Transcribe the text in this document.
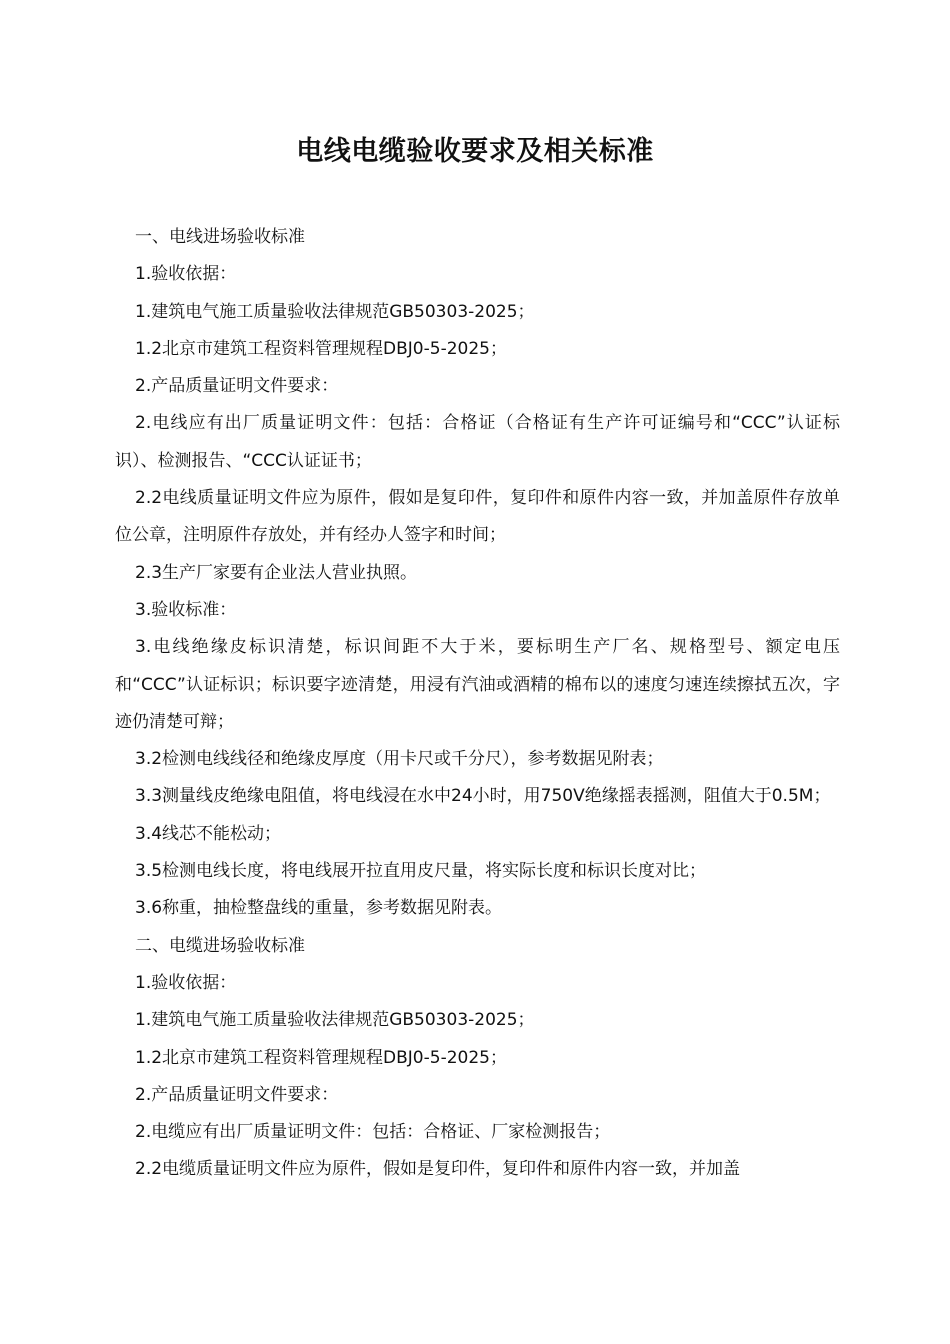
电线电缆验收要求及相关标准

一、电线进场验收标准

1.验收依据：

1.建筑电气施工质量验收法律规范GB50303-2025；

1.2北京市建筑工程资料管理规程DBJ0-5-2025；

2.产品质量证明文件要求：

2.电线应有出厂质量证明文件：包括：合格证（合格证有生产许可证编号和“CCC”认证标识）、检测报告、“CCC认证证书；

2.2电线质量证明文件应为原件，假如是复印件，复印件和原件内容一致，并加盖原件存放单位公章，注明原件存放处，并有经办人签字和时间；

2.3生产厂家要有企业法人营业执照。

3.验收标准：

3.电线绝缘皮标识清楚，标识间距不大于米，要标明生产厂名、规格型号、额定电压和“CCC”认证标识；标识要字迹清楚，用浸有汽油或酒精的棉布以的速度匀速连续擦拭五次，字迹仍清楚可辩；

3.2检测电线线径和绝缘皮厚度（用卡尺或千分尺），参考数据见附表；

3.3测量线皮绝缘电阻值，将电线浸在水中24小时，用750V绝缘摇表摇测，阻值大于0.5M；

3.4线芯不能松动；

3.5检测电线长度，将电线展开拉直用皮尺量，将实际长度和标识长度对比；

3.6称重，抽检整盘线的重量，参考数据见附表。

二、电缆进场验收标准

1.验收依据：

1.建筑电气施工质量验收法律规范GB50303-2025；

1.2北京市建筑工程资料管理规程DBJ0-5-2025；

2.产品质量证明文件要求：

2.电缆应有出厂质量证明文件：包括：合格证、厂家检测报告；

2.2电缆质量证明文件应为原件，假如是复印件，复印件和原件内容一致，并加盖
